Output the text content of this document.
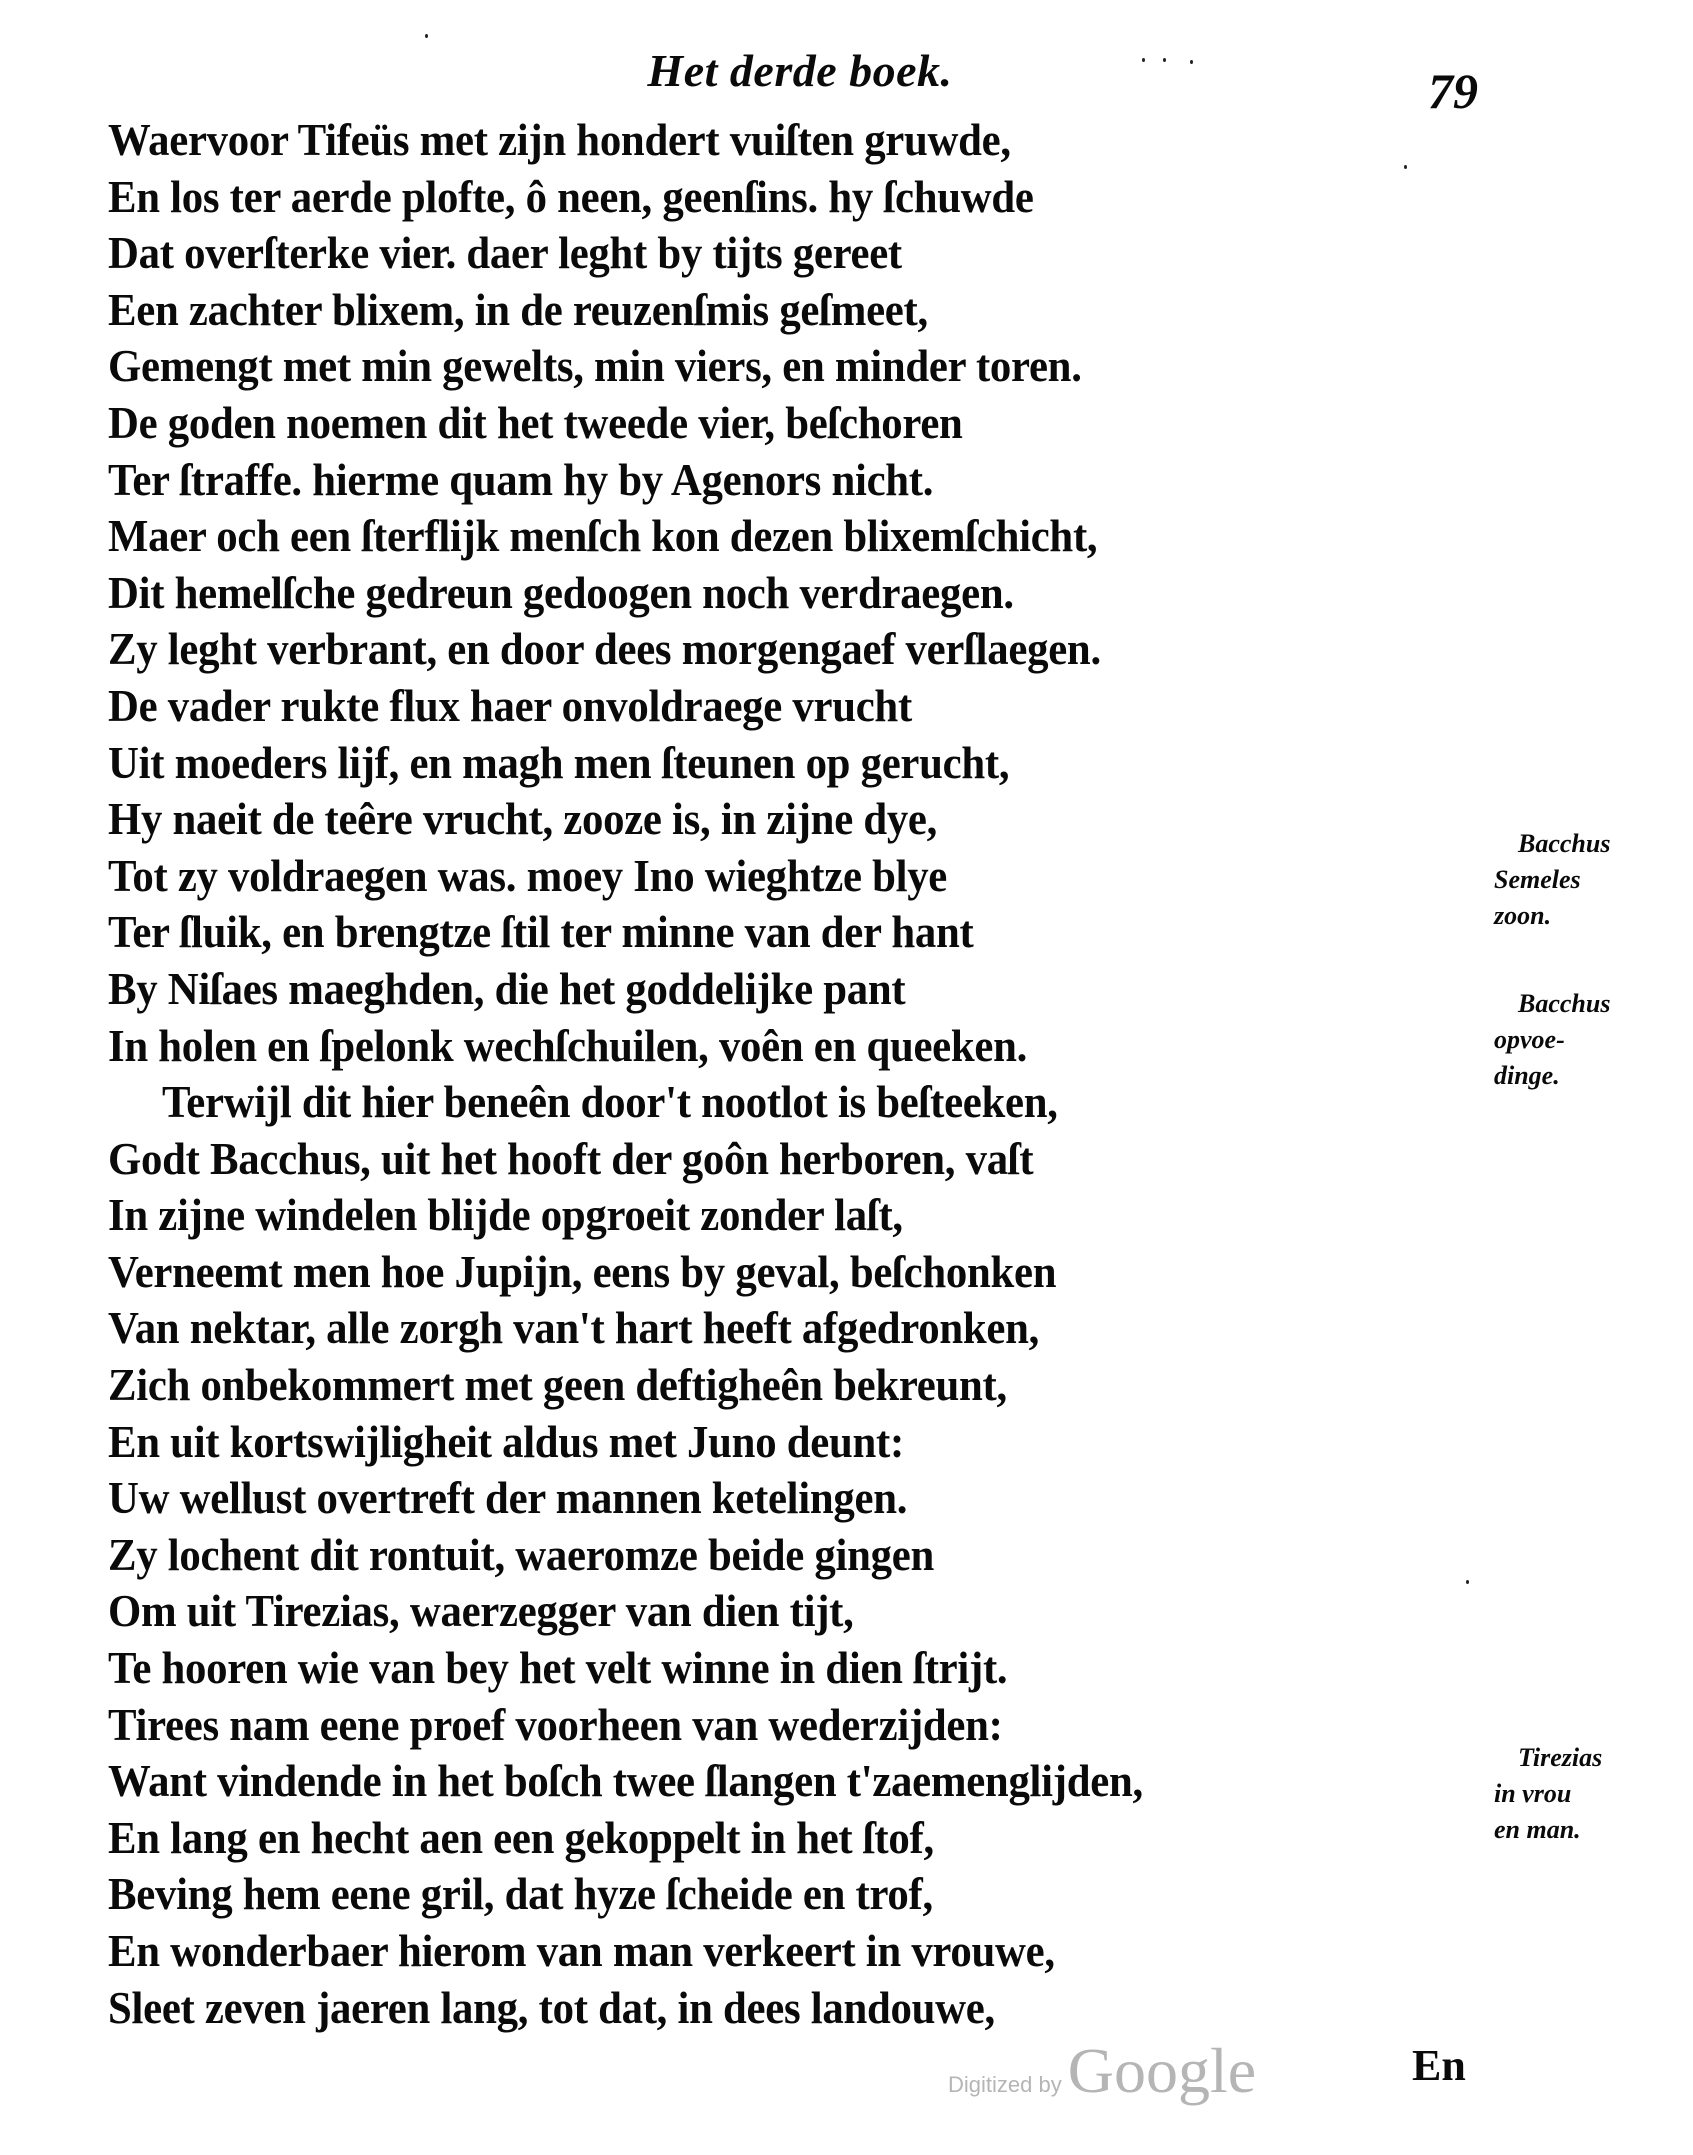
Het derde boek.	79
Waervoor Tifeüs met zijn hondert vuiſten gruwde,
En los ter aerde plofte, ô neen, geenſins. hy ſchuwde
Dat overſterke vier. daer leght by tijts gereet
Een zachter blixem, in de reuzenſmis geſmeet,
Gemengt met min gewelts, min viers, en minder toren.
De goden noemen dit het tweede vier, beſchoren
Ter ſtraffe. hierme quam hy by Agenors nicht.
Maer och een ſterflijk menſch kon dezen blixemſchicht,
Dit hemelſche gedreun gedoogen noch verdraegen.
Zy leght verbrant, en door dees morgengaef verſlaegen.
De vader rukte flux haer onvoldraege vrucht
Uit moeders lijf, en magh men ſteunen op gerucht,
Hy naeit de teêre vrucht, zooze is, in zijne dye,
Tot zy voldraegen was. moey Ino wieghtze blye
Ter ſluik, en brengtze ſtil ter minne van der hant
By Niſaes maeghden, die het goddelijke pant
In holen en ſpelonk wechſchuilen, voên en queeken.
Terwijl dit hier beneên door't nootlot is beſteeken,
Godt Bacchus, uit het hooft der goôn herboren, vaſt
In zijne windelen blijde opgroeit zonder laſt,
Verneemt men hoe Jupijn, eens by geval, beſchonken
Van nektar, alle zorgh van't hart heeft afgedronken,
Zich onbekommert met geen deftigheên bekreunt,
En uit kortswijligheit aldus met Juno deunt:
Uw wellust overtreft der mannen ketelingen.
Zy lochent dit rontuit, waeromze beide gingen
Om uit Tirezias, waerzegger van dien tijt,
Te hooren wie van bey het velt winne in dien ſtrijt.
Tirees nam eene proef voorheen van wederzijden:
Want vindende in het boſch twee ſlangen t'zaemenglijden,
En lang en hecht aen een gekoppelt in het ſtof,
Beving hem eene gril, dat hyze ſcheide en trof,
En wonderbaer hierom van man verkeert in vrouwe,
Sleet zeven jaeren lang, tot dat, in dees landouwe,
Bacchus
Semeles
zoon.
Bacchus
opvoe-
dinge.
Tirezias
in vrou
en man.
Digitized byGoogle	En
